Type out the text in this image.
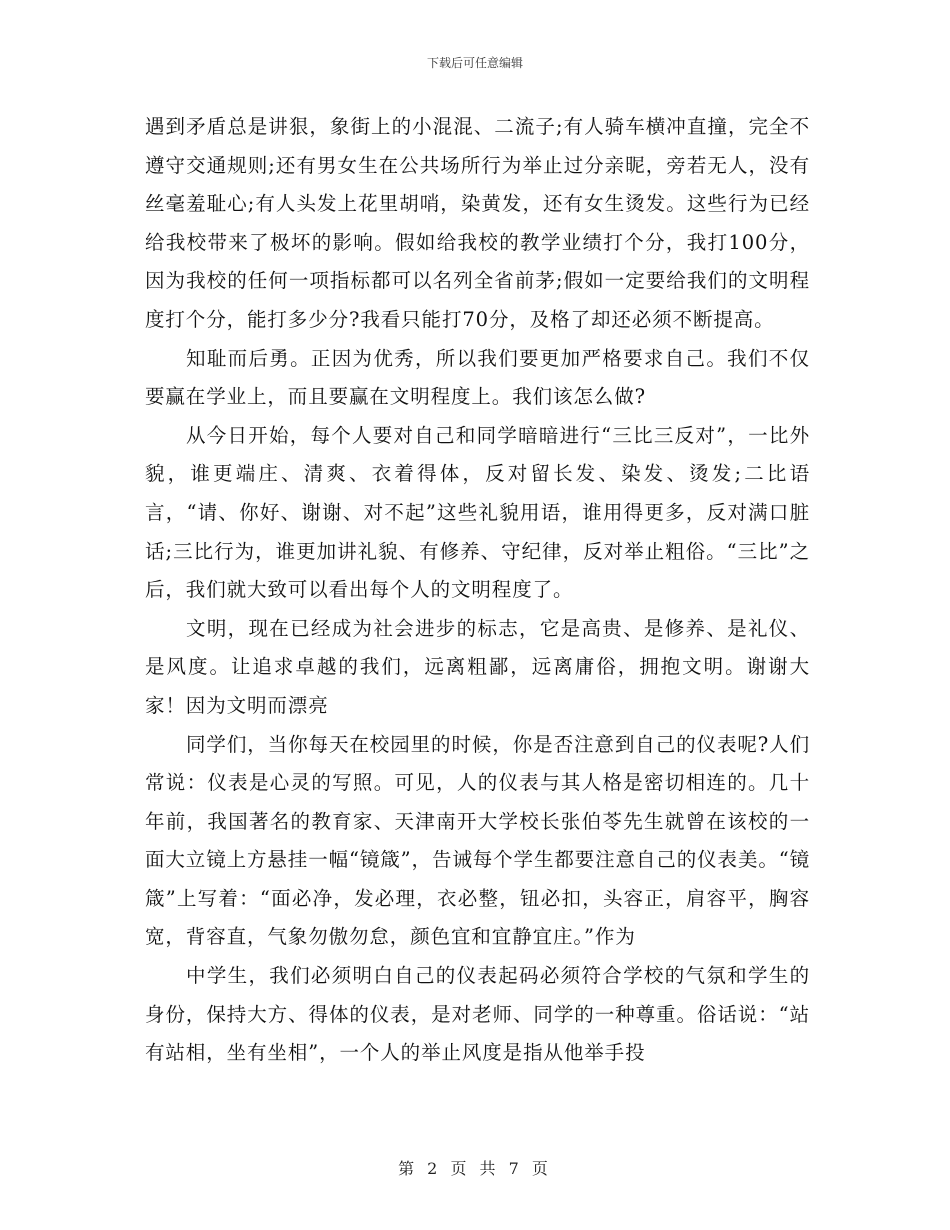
下载后可任意编辑

遇到矛盾总是讲狠，象街上的小混混、二流子;有人骑车横冲直撞，完全不遵守交通规则;还有男女生在公共场所行为举止过分亲昵，旁若无人，没有丝毫羞耻心;有人头发上花里胡哨，染黄发，还有女生烫发。这些行为已经给我校带来了极坏的影响。假如给我校的教学业绩打个分，我打100分，因为我校的任何一项指标都可以名列全省前茅;假如一定要给我们的文明程度打个分，能打多少分?我看只能打70分，及格了却还必须不断提高。

知耻而后勇。正因为优秀，所以我们要更加严格要求自己。我们不仅要赢在学业上，而且要赢在文明程度上。我们该怎么做?

从今日开始，每个人要对自己和同学暗暗进行“三比三反对”，一比外貌，谁更端庄、清爽、衣着得体，反对留长发、染发、烫发;二比语言，“请、你好、谢谢、对不起”这些礼貌用语，谁用得更多，反对满口脏话;三比行为，谁更加讲礼貌、有修养、守纪律，反对举止粗俗。“三比”之后，我们就大致可以看出每个人的文明程度了。

文明，现在已经成为社会进步的标志，它是高贵、是修养、是礼仪、是风度。让追求卓越的我们，远离粗鄙，远离庸俗，拥抱文明。谢谢大家！因为文明而漂亮

同学们，当你每天在校园里的时候，你是否注意到自己的仪表呢?人们常说：仪表是心灵的写照。可见，人的仪表与其人格是密切相连的。几十年前，我国著名的教育家、天津南开大学校长张伯苓先生就曾在该校的一面大立镜上方悬挂一幅“镜箴”，告诫每个学生都要注意自己的仪表美。“镜箴”上写着：“面必净，发必理，衣必整，钮必扣，头容正，肩容平，胸容宽，背容直，气象勿傲勿怠，颜色宜和宜静宜庄。”作为

中学生，我们必须明白自己的仪表起码必须符合学校的气氛和学生的身份，保持大方、得体的仪表，是对老师、同学的一种尊重。俗话说：“站有站相，坐有坐相”，一个人的举止风度是指从他举手投

第 2 页 共 7 页
